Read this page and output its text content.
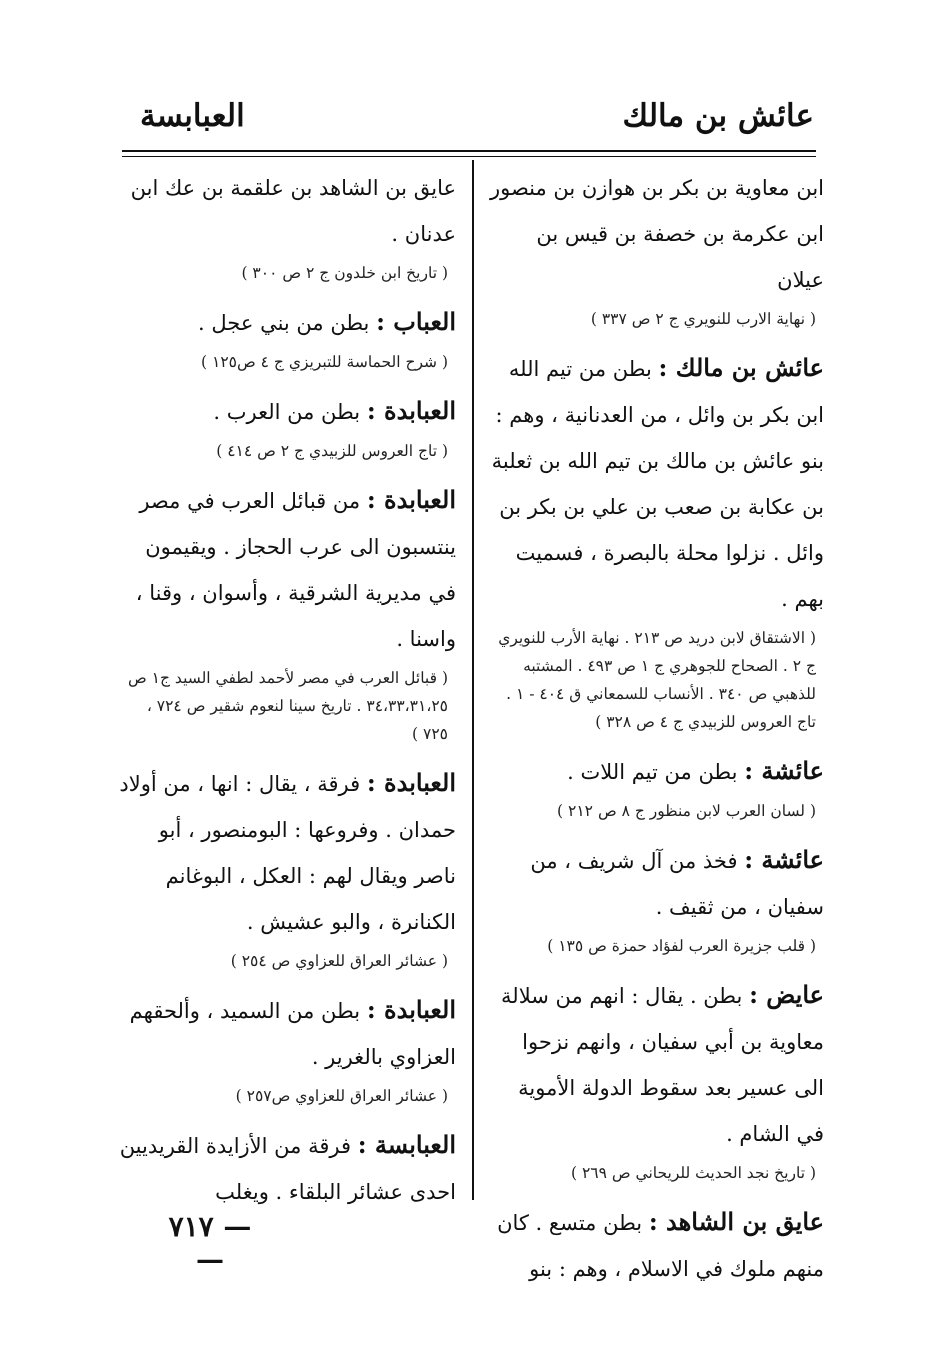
عائش بن مالك
العبابسة

ابن معاوية بن بكر بن هوازن بن منصور ابن عكرمة بن خصفة بن قيس بن عيلان

( نهاية الارب للنويري ج ٢ ص ٣٣٧ )

عائش بن مالك : بطن من تيم الله ابن بكر بن وائل ، من العدنانية ، وهم : بنو عائش بن مالك بن تيم الله بن ثعلبة بن عكابة بن صعب بن علي بن بكر بن وائل . نزلوا محلة بالبصرة ، فسميت بهم .

( الاشتقاق لابن دريد ص ٢١٣ . نهاية الأرب للنويري ج ٢ . الصحاح للجوهري ج ١ ص ٤٩٣ . المشتبه للذهبي ص ٣٤٠ . الأنساب للسمعاني ق ٤٠٤ - ١ . تاج العروس للزبيدي ج ٤ ص ٣٢٨ )

عائشة : بطن من تيم اللات .

( لسان العرب لابن منظور ج ٨ ص ٢١٢ )

عائشة : فخذ من آل شريف ، من سفيان ، من ثقيف .

( قلب جزيرة العرب لفؤاد حمزة ص ١٣٥ )

عايض : بطن . يقال : انهم من سلالة معاوية بن أبي سفيان ، وانهم نزحوا الى عسير بعد سقوط الدولة الأموية في الشام .

( تاريخ نجد الحديث للريحاني ص ٢٦٩ )

عايق بن الشاهد : بطن متسع . كان منهم ملوك في الاسلام ، وهم : بنو

عايق بن الشاهد بن علقمة بن عك ابن عدنان .

( تاريخ ابن خلدون ج ٢ ص ٣٠٠ )

العباب : بطن من بني عجل .

( شرح الحماسة للتبريزي ج ٤ ص١٢٥ )

العبابدة : بطن من العرب .

( تاج العروس للزبيدي ج ٢ ص ٤١٤ )

العبابدة : من قبائل العرب في مصر ينتسبون الى عرب الحجاز . ويقيمون في مديرية الشرقية ، وأسوان ، وقنا ، واسنا .

( قبائل العرب في مصر لأحمد لطفي السيد ج١ ص ٣٤،٣٣،٣١،٢٥ . تاريخ سينا لنعوم شقير ص ٧٢٤ ، ٧٢٥ )

العبابدة : فرقة ، يقال : انها ، من أولاد حمدان . وفروعها : البومنصور ، أبو ناصر ويقال لهم : العكل ، البوغانم الكنانرة ، والبو عشيش .

( عشائر العراق للعزاوي ص ٢٥٤ )

العبابدة : بطن من السميد ، وألحقهم العزاوي بالغرير .

( عشائر العراق للعزاوي ص٢٥٧ )

العبابسة : فرقة من الأزايدة القريديين احدى عشائر البلقاء . ويغلب

— ٧١٧ —
